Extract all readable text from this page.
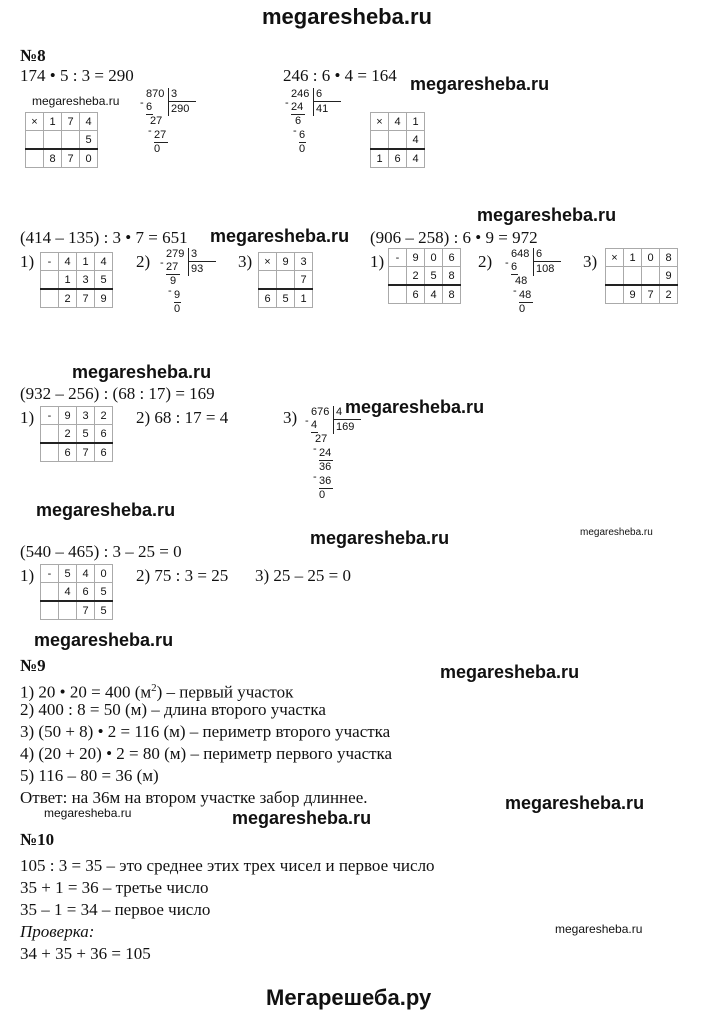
megaresheba.ru
Мегарешеба.ру
megaresheba.ru
megaresheba.ru
megaresheba.ru
megaresheba.ru
megaresheba.ru
megaresheba.ru
megaresheba.ru
megaresheba.ru
megaresheba.ru
megaresheba.ru
megaresheba.ru
megaresheba.ru
megaresheba.ru
megaresheba.ru
megaresheba.ru
№8
174 • 5 : 3 = 290	246 : 6 • 4 = 164
×	1	7	4
			5
	8	7	0
870 3
290
6
-
27
27
-
0
246 6
41
24
-
6
6
-
0
×	4	1
		4
1	6	4
(414 – 135) : 3 • 7 = 651	(906 – 258) : 6 • 9 = 972
1) -	4	1	4
	1	3	5
	2	7	9
2) 279 3
93
27
-
9
9
-
0
3) ×	9	3
		7
6	5	1
1) -	9	0	6
	2	5	8
	6	4	8
2) 648 6
108
6
-
48
48
-
0
3) ×	1	0	8
			9
	9	7	2
(932 – 256) : (68 : 17) = 169
1) -	9	3	2
	2	5	6
	6	7	6
2) 68 : 17 = 4	3) 676 4
169
4
-
27
24
-
36
36
-
0
(540 – 465) : 3 – 25 = 0
1) -	5	4	0
	4	6	5
		7	5
2) 75 : 3 = 25 3) 25 – 25 = 0
№9
1) 20 • 20 = 400 $(м^2)$ – первый участок
2) 400 : 8 = 50 (м) – длина второго участка
3) (50 + 8) • 2 = 116 (м) – периметр второго участка
4) (20 + 20) • 2 = 80 (м) – периметр первого участка
5) 116 – 80 = 36 (м)
Ответ: на 36м на втором участке забор длиннее.
№10
105 : 3 = 35 – это среднее этих трех чисел и первое число
35 + 1 = 36 – третье число
35 – 1 = 34 – первое число
Проверка:
34 + 35 + 36 = 105
